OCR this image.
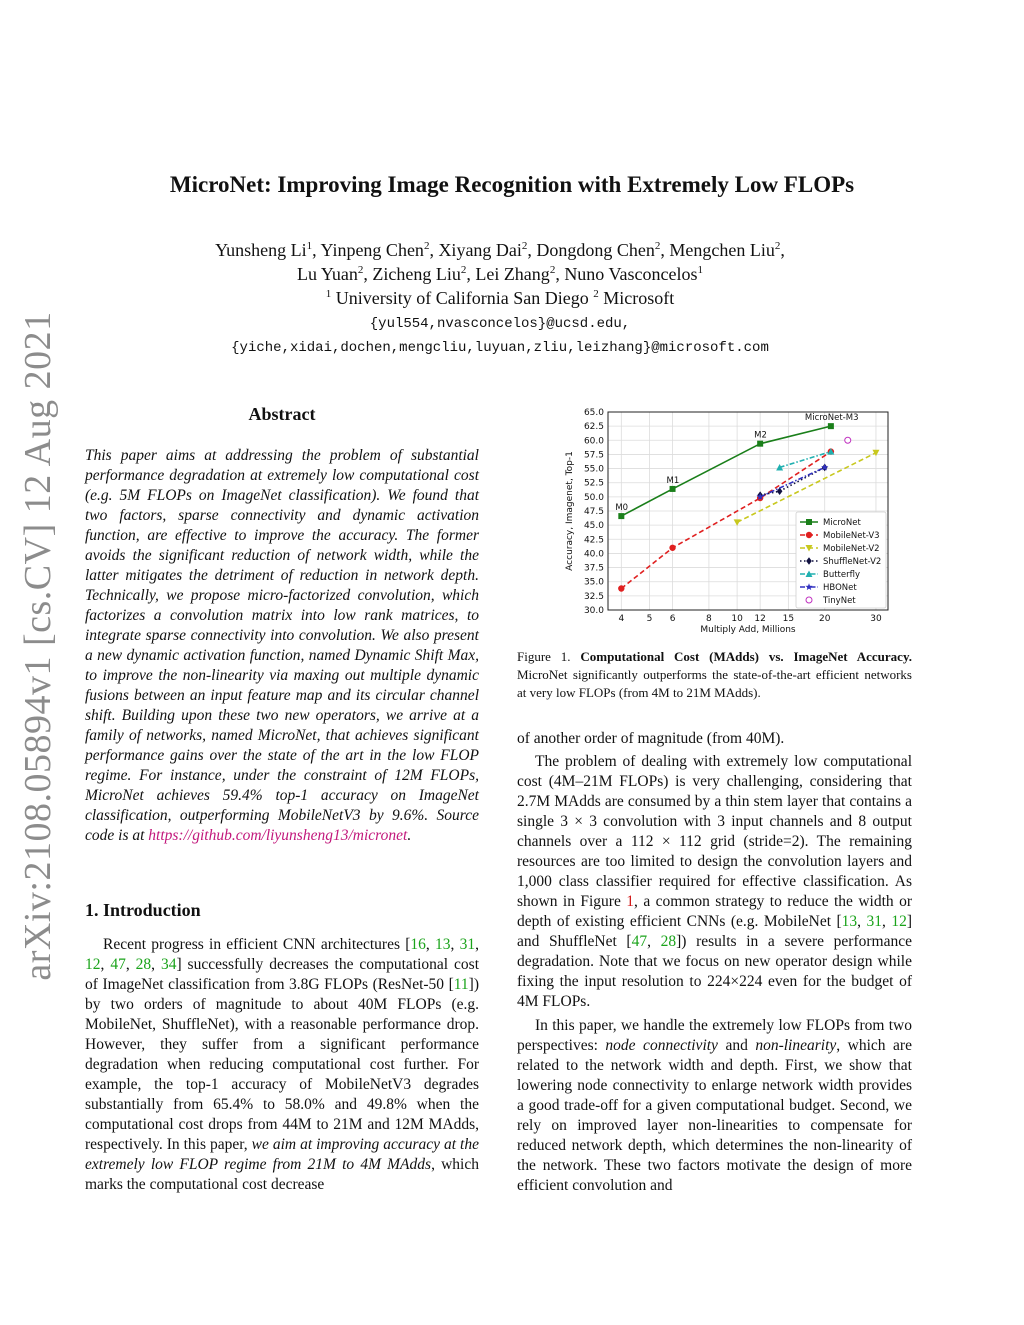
arXiv:2108.05894v1 [cs.CV] 12 Aug 2021
MicroNet: Improving Image Recognition with Extremely Low FLOPs
Yunsheng Li$^1$, Yinpeng Chen$^2$, Xiyang Dai$^2$, Dongdong Chen$^2$, Mengchen Liu$^2$,
Lu Yuan$^2$, Zicheng Liu$^2$, Lei Zhang$^2$, Nuno Vasconcelos$^1$
$^1$ University of California San Diego $^2$ Microsoft
{yul554,nvasconcelos}@ucsd.edu,
{yiche,xidai,dochen,mengcliu,luyuan,zliu,leizhang}@microsoft.com
Abstract
This paper aims at addressing the problem of substantial performance degradation at extremely low computational cost (e.g. 5M FLOPs on ImageNet classification). We found that two factors, sparse connectivity and dynamic activation function, are effective to improve the accuracy. The former avoids the significant reduction of network width, while the latter mitigates the detriment of reduction in network depth. Technically, we propose micro-factorized convolution, which factorizes a convolution matrix into low rank matrices, to integrate sparse connectivity into convolution. We also present a new dynamic activation function, named Dynamic Shift Max, to improve the non-linearity via maxing out multiple dynamic fusions between an input feature map and its circular channel shift. Building upon these two new operators, we arrive at a family of networks, named MicroNet, that achieves significant performance gains over the state of the art in the low FLOP regime. For instance, under the constraint of 12M FLOPs, MicroNet achieves 59.4% top-1 accuracy on ImageNet classification, outperforming MobileNetV3 by 9.6%. Source code is at https://github.com/liyunsheng13/micronet.
1. Introduction
Recent progress in efficient CNN architectures [16, 13, 31, 12, 47, 28, 34] successfully decreases the computational cost of ImageNet classification from 3.8G FLOPs (ResNet-50 [11]) by two orders of magnitude to about 40M FLOPs (e.g. MobileNet, ShuffleNet), with a reasonable performance drop. However, they suffer from a significant performance degradation when reducing computational cost further. For example, the top-1 accuracy of MobileNetV3 degrades substantially from 65.4% to 58.0% and 49.8% when the computational cost drops from 44M to 21M and 12M MAdds, respectively. In this paper, we aim at improving accuracy at the extremely low FLOP regime from 21M to 4M MAdds, which marks the computational cost decrease
4 5 6	8 10 12 15	20	30
30.0
32.5
35.0
37.5
40.0
42.5
45.0
47.5
50.0
52.5
55.0
57.5
60.0
62.5
65.0
Multiply Add, Millions
Accuracy, Imagenet, Top-1	M0
M1
M2
MicroNet-M3
MicroNet
MobileNet-V3
MobileNet-V2
ShuffleNet-V2
Butterfly
HBONet
TinyNet
Figure 1. Computational Cost (MAdds) vs. ImageNet Accuracy. MicroNet significantly outperforms the state-of-the-art efficient networks at very low FLOPs (from 4M to 21M MAdds).
of another order of magnitude (from 40M).
The problem of dealing with extremely low computational cost (4M–21M FLOPs) is very challenging, considering that 2.7M MAdds are consumed by a thin stem layer that contains a single 3 × 3 convolution with 3 input channels and 8 output channels over a 112 × 112 grid (stride=2). The remaining resources are too limited to design the convolution layers and 1,000 class classifier required for effective classification. As shown in Figure 1, a common strategy to reduce the width or depth of existing efficient CNNs (e.g. MobileNet [13, 31, 12] and ShuffleNet [47, 28]) results in a severe performance degradation. Note that we focus on new operator design while fixing the input resolution to 224×224 even for the budget of 4M FLOPs.
In this paper, we handle the extremely low FLOPs from two perspectives: node connectivity and non-linearity, which are related to the network width and depth. First, we show that lowering node connectivity to enlarge network width provides a good trade-off for a given computational budget. Second, we rely on improved layer non-linearities to compensate for reduced network depth, which determines the non-linearity of the network. These two factors motivate the design of more efficient convolution and
